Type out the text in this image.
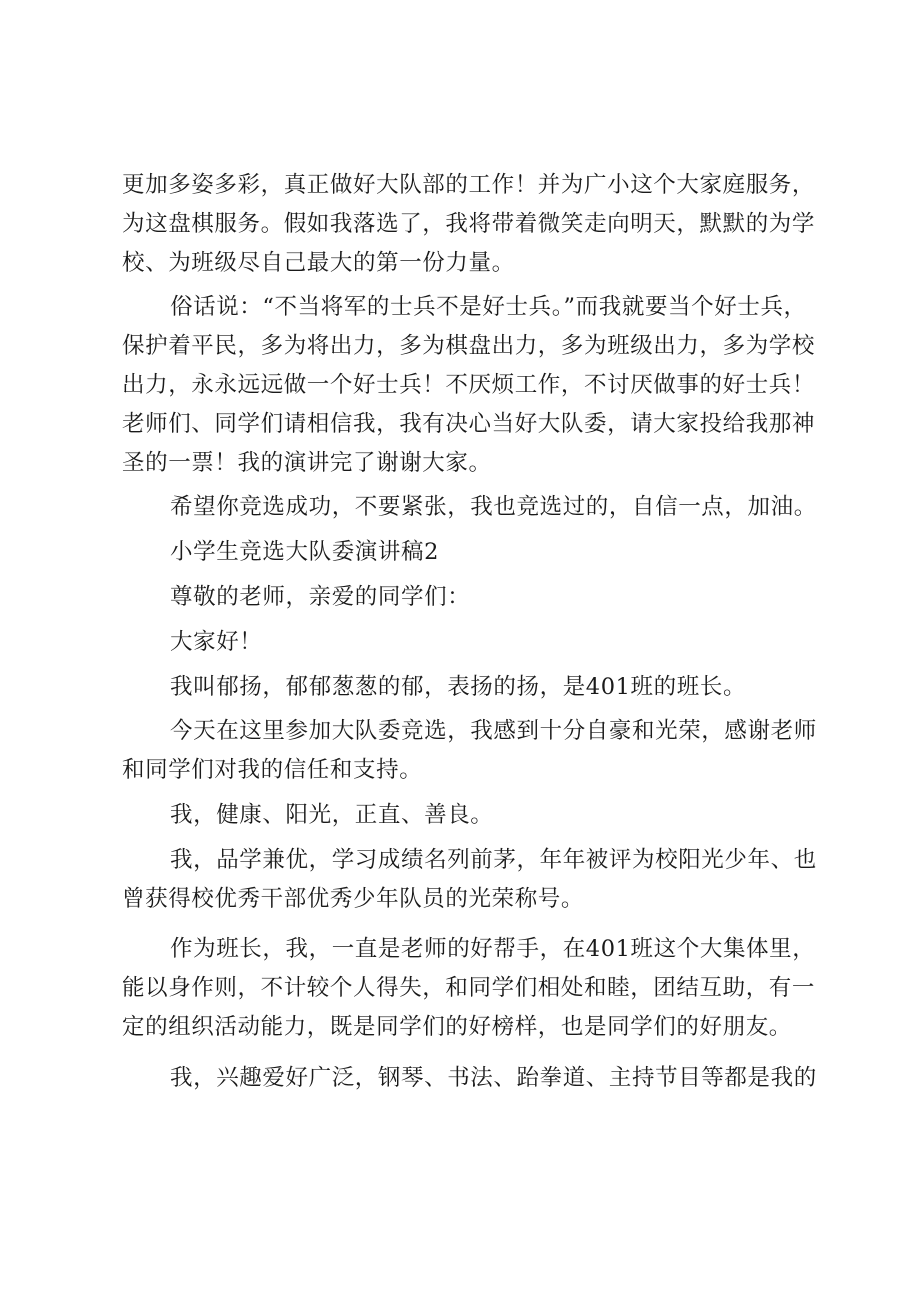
更加多姿多彩，真正做好大队部的工作！并为广小这个大家庭服务，
为这盘棋服务。假如我落选了，我将带着微笑走向明天，默默的为学
校、为班级尽自己最大的第一份力量。

俗话说：“不当将军的士兵不是好士兵。”而我就要当个好士兵，
保护着平民，多为将出力，多为棋盘出力，多为班级出力，多为学校
出力，永永远远做一个好士兵！不厌烦工作，不讨厌做事的好士兵！
老师们、同学们请相信我，我有决心当好大队委，请大家投给我那神
圣的一票！我的演讲完了谢谢大家。

希望你竞选成功，不要紧张，我也竞选过的，自信一点，加油。

小学生竞选大队委演讲稿2

尊敬的老师，亲爱的同学们：

大家好！

我叫郁扬，郁郁葱葱的郁，表扬的扬，是401班的班长。

今天在这里参加大队委竞选，我感到十分自豪和光荣，感谢老师
和同学们对我的信任和支持。

我，健康、阳光，正直、善良。

我，品学兼优，学习成绩名列前茅，年年被评为校阳光少年、也
曾获得校优秀干部优秀少年队员的光荣称号。

作为班长，我，一直是老师的好帮手，在401班这个大集体里，
能以身作则，不计较个人得失，和同学们相处和睦，团结互助，有一
定的组织活动能力，既是同学们的好榜样，也是同学们的好朋友。

我，兴趣爱好广泛，钢琴、书法、跆拳道、主持节目等都是我的
